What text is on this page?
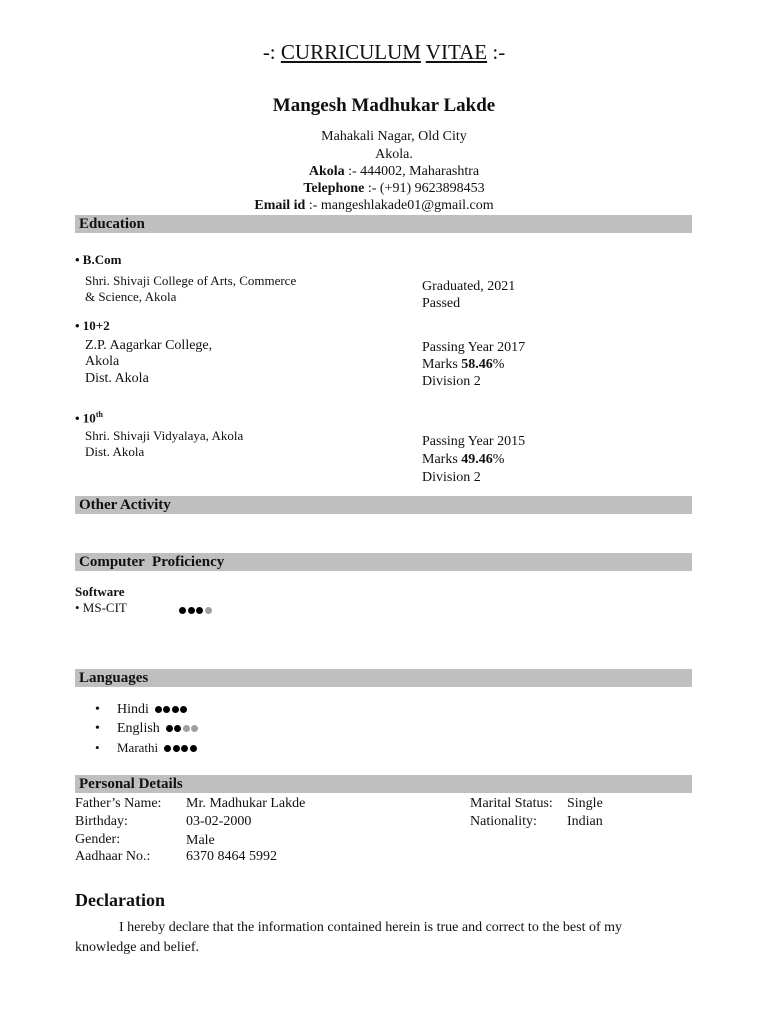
-: CURRICULUM VITAE :-
Mangesh Madhukar Lakde
Mahakali Nagar, Old City
Akola.
Akola :- 444002, Maharashtra
Telephone :- (+91) 9623898453
Email id :- mangeshlakade01@gmail.com
Education
• B.Com
Shri. Shivaji College of Arts, Commerce
& Science, Akola
Graduated, 2021
Passed
• 10+2
Z.P. Aagarkar College,
Akola
Dist. Akola
Passing Year 2017
Marks 58.46%
Division 2
• 10th
Shri. Shivaji Vidyalaya, Akola
Dist. Akola
Passing Year 2015
Marks 49.46%
Division 2
Other Activity
Computer  Proficiency
Software
• MS-CIT
Languages
•	Hindi
•	English
•	Marathi
Personal Details
Father’s Name: Mr. Madhukar Lakde
Birthday:	03-02-2000
Gender:	Male
Aadhaar No.:	6370 8464 5992
Marital Status: Single
Nationality: Indian
Declaration
I hereby declare that the information contained herein is true and correct to the best of my knowledge and belief.
